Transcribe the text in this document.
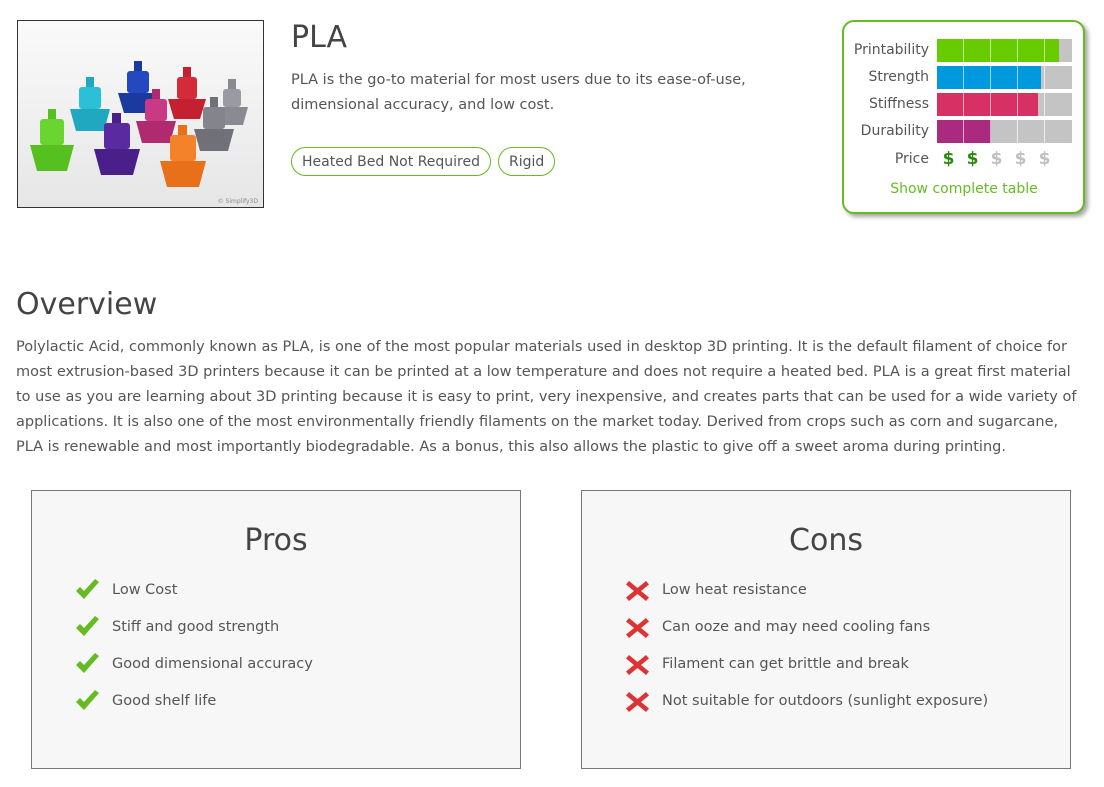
© Simplify3D
PLA

PLA is the go-to material for most users due to its ease-of-use, dimensional accuracy, and low cost.

Heated Bed Not Required	Rigid
Printability
Strength
Stiffness
Durability
Price $ $ $ $ $
Show complete table
Overview

Polylactic Acid, commonly known as PLA, is one of the most popular materials used in desktop 3D printing. It is the default filament of choice for most extrusion-based 3D printers because it can be printed at a low temperature and does not require a heated bed. PLA is a great first material to use as you are learning about 3D printing because it is easy to print, very inexpensive, and creates parts that can be used for a wide variety of applications. It is also one of the most environmentally friendly filaments on the market today. Derived from crops such as corn and sugarcane, PLA is renewable and most importantly biodegradable. As a bonus, this also allows the plastic to give off a sweet aroma during printing.

Pros
Low Cost
Stiff and good strength
Good dimensional accuracy
Good shelf life
Cons
Low heat resistance
Can ooze and may need cooling fans
Filament can get brittle and break
Not suitable for outdoors (sunlight exposure)
